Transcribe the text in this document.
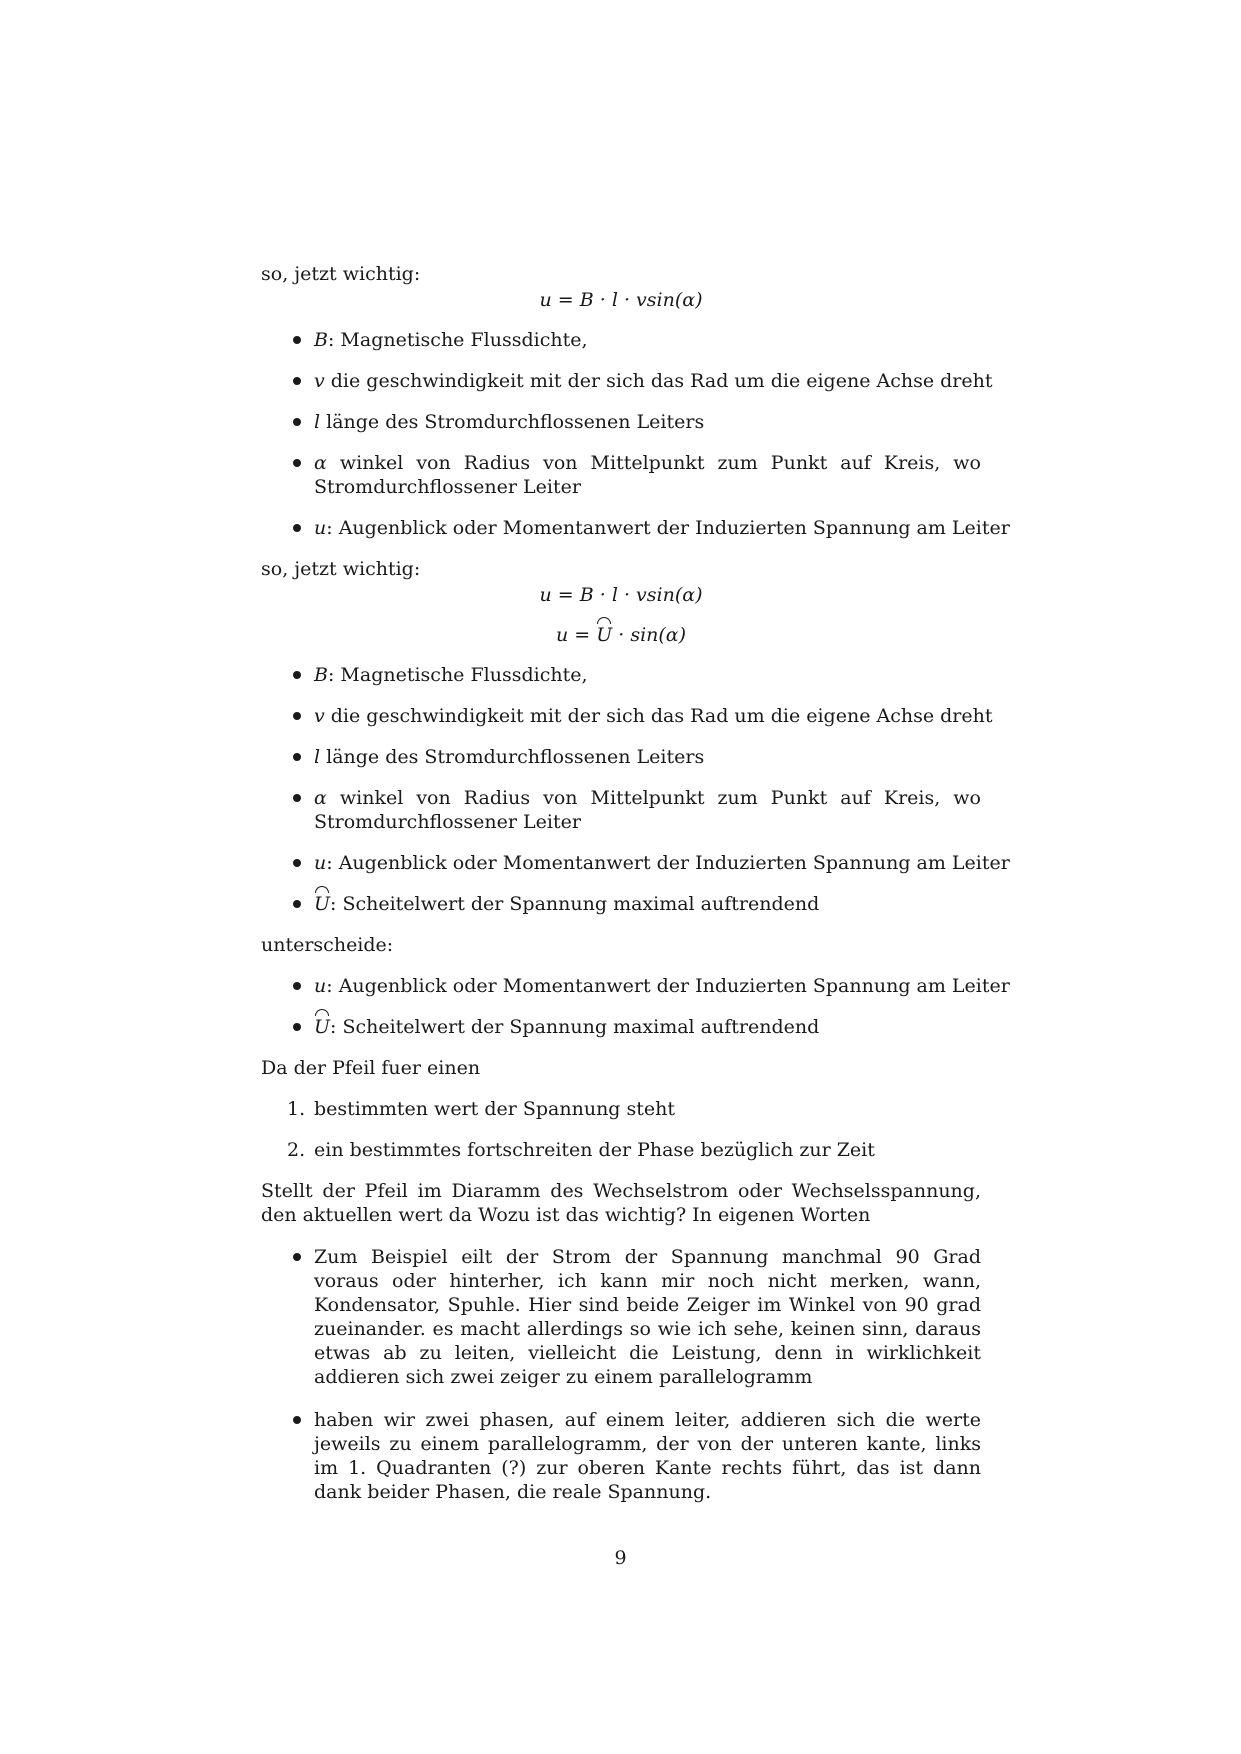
so, jetzt wichtig:
u = B · l · vsin(α)
B: Magnetische Flussdichte,
v die geschwindigkeit mit der sich das Rad um die eigene Achse dreht
l länge des Stromdurchflossenen Leiters
α winkel von Radius von Mittelpunkt zum Punkt auf Kreis, wo Stromdurchflossener Leiter
u: Augenblick oder Momentanwert der Induzierten Spannung am Leiter
so, jetzt wichtig:
u = B · l · vsin(α)
u = U · sin(α)
B: Magnetische Flussdichte,
v die geschwindigkeit mit der sich das Rad um die eigene Achse dreht
l länge des Stromdurchflossenen Leiters
α winkel von Radius von Mittelpunkt zum Punkt auf Kreis, wo Stromdurchflossener Leiter
u: Augenblick oder Momentanwert der Induzierten Spannung am Leiter
U: Scheitelwert der Spannung maximal auftrendend
unterscheide:
u: Augenblick oder Momentanwert der Induzierten Spannung am Leiter
U: Scheitelwert der Spannung maximal auftrendend
Da der Pfeil fuer einen
1. bestimmten wert der Spannung steht
2. ein bestimmtes fortschreiten der Phase bezüglich zur Zeit
Stellt der Pfeil im Diaramm des Wechselstrom oder Wechselsspannung, den aktuellen wert da Wozu ist das wichtig? In eigenen Worten
Zum Beispiel eilt der Strom der Spannung manchmal 90 Grad voraus oder hinterher, ich kann mir noch nicht merken, wann, Kondensator, Spuhle. Hier sind beide Zeiger im Winkel von 90 grad zueinander. es macht allerdings so wie ich sehe, keinen sinn, daraus etwas ab zu leiten, vielleicht die Leistung, denn in wirklichkeit addieren sich zwei zeiger zu einem parallelogramm
haben wir zwei phasen, auf einem leiter, addieren sich die werte jeweils zu einem parallelogramm, der von der unteren kante, links im 1. Quadranten (?) zur oberen Kante rechts führt, das ist dann dank beider Phasen, die reale Spannung.
9
